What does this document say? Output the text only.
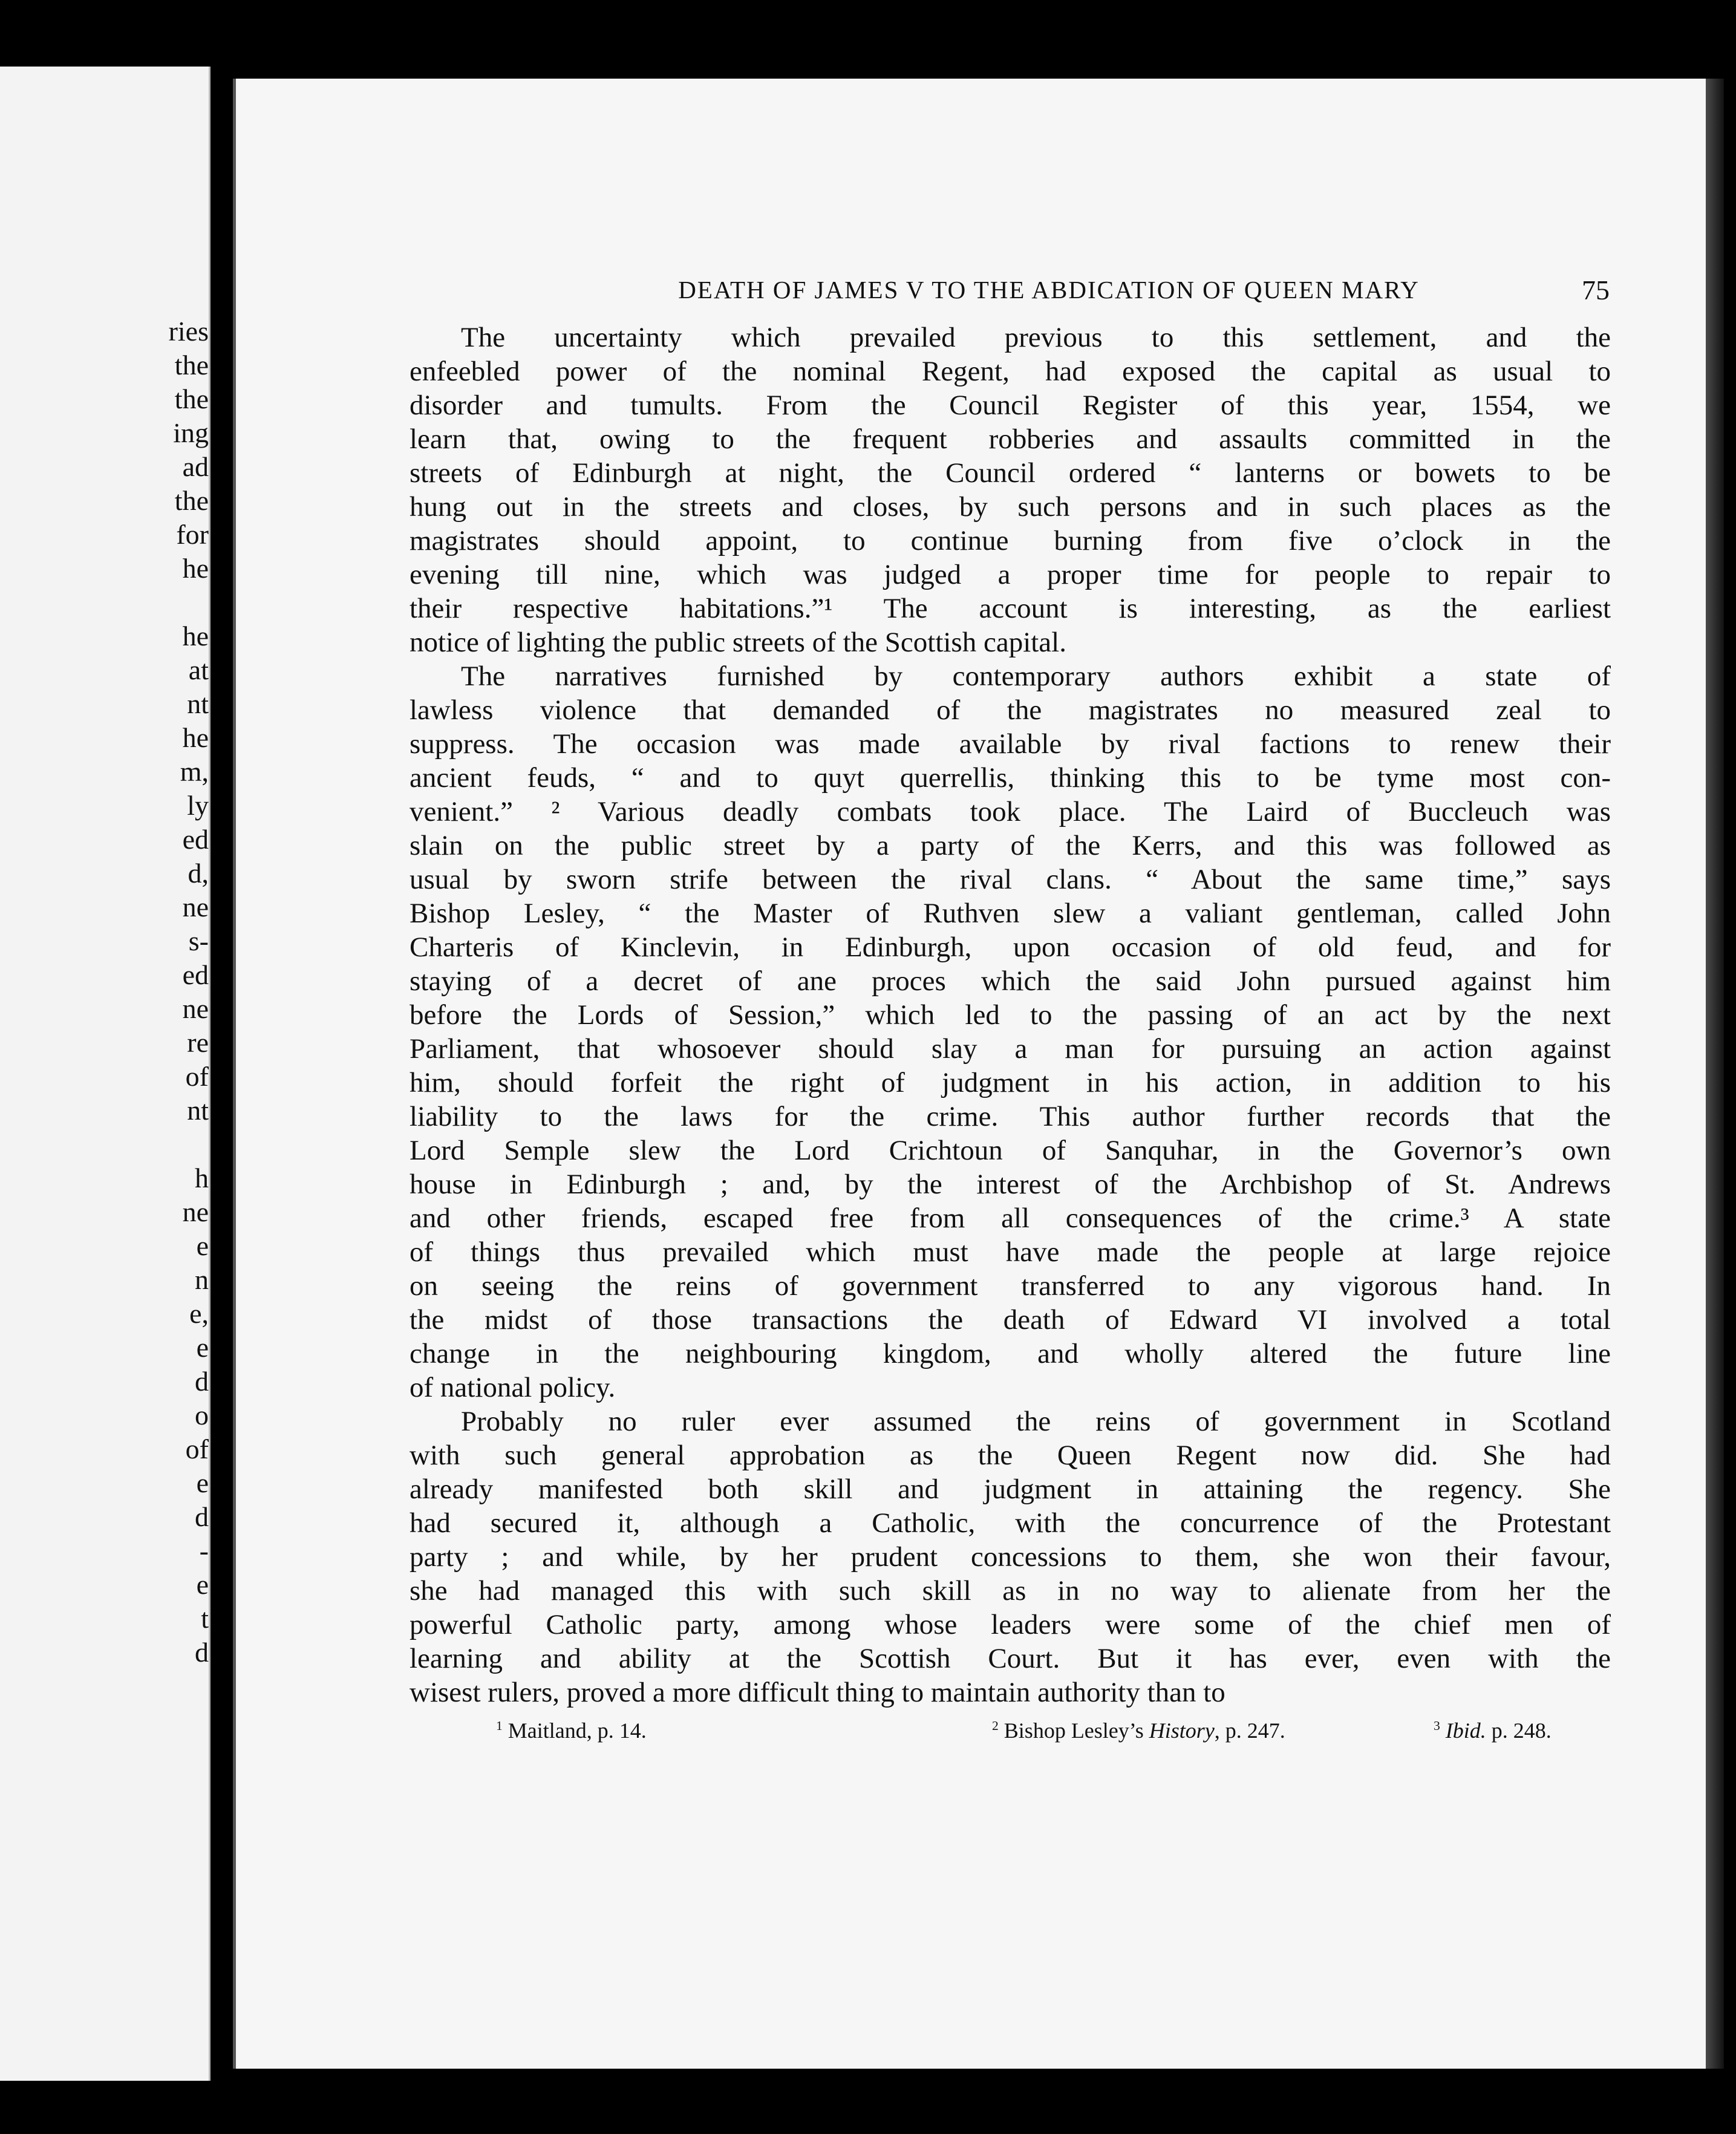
ries
the
the
ing
ad
the
for
he
he
at
nt
he
m,
ly
ed
d,
ne
s-
ed
ne
re
of
nt
h
ne
e
n
e,
e
d
o
of
e
d
-
e
t
d
DEATH OF JAMES V TO THE ABDICATION OF QUEEN MARY	75
The uncertainty which prevailed previous to this settlement, and the
enfeebled power of the nominal Regent, had exposed the capital as usual to
disorder and tumults. From the Council Register of this year, 1554, we
learn that, owing to the frequent robberies and assaults committed in the
streets of Edinburgh at night, the Council ordered “ lanterns or bowets to be
hung out in the streets and closes, by such persons and in such places as the
magistrates should appoint, to continue burning from five o’clock in the
evening till nine, which was judged a proper time for people to repair to
their respective habitations.”¹ The account is interesting, as the earliest
notice of lighting the public streets of the Scottish capital.
The narratives furnished by contemporary authors exhibit a state of
lawless violence that demanded of the magistrates no measured zeal to
suppress. The occasion was made available by rival factions to renew their
ancient feuds, “ and to quyt querrellis, thinking this to be tyme most con-
venient.” ² Various deadly combats took place. The Laird of Buccleuch was
slain on the public street by a party of the Kerrs, and this was followed as
usual by sworn strife between the rival clans. “ About the same time,” says
Bishop Lesley, “ the Master of Ruthven slew a valiant gentleman, called John
Charteris of Kinclevin, in Edinburgh, upon occasion of old feud, and for
staying of a decret of ane proces which the said John pursued against him
before the Lords of Session,” which led to the passing of an act by the next
Parliament, that whosoever should slay a man for pursuing an action against
him, should forfeit the right of judgment in his action, in addition to his
liability to the laws for the crime. This author further records that the
Lord Semple slew the Lord Crichtoun of Sanquhar, in the Governor’s own
house in Edinburgh ; and, by the interest of the Archbishop of St. Andrews
and other friends, escaped free from all consequences of the crime.³ A state
of things thus prevailed which must have made the people at large rejoice
on seeing the reins of government transferred to any vigorous hand. In
the midst of those transactions the death of Edward VI involved a total
change in the neighbouring kingdom, and wholly altered the future line
of national policy.
Probably no ruler ever assumed the reins of government in Scotland
with such general approbation as the Queen Regent now did. She had
already manifested both skill and judgment in attaining the regency. She
had secured it, although a Catholic, with the concurrence of the Protestant
party ; and while, by her prudent concessions to them, she won their favour,
she had managed this with such skill as in no way to alienate from her the
powerful Catholic party, among whose leaders were some of the chief men of
learning and ability at the Scottish Court. But it has ever, even with the
wisest rulers, proved a more difficult thing to maintain authority than to
$^1$ Maitland, p. 14.	$^2$ Bishop Lesley’s History, p. 247.	$^3$ Ibid. p. 248.
